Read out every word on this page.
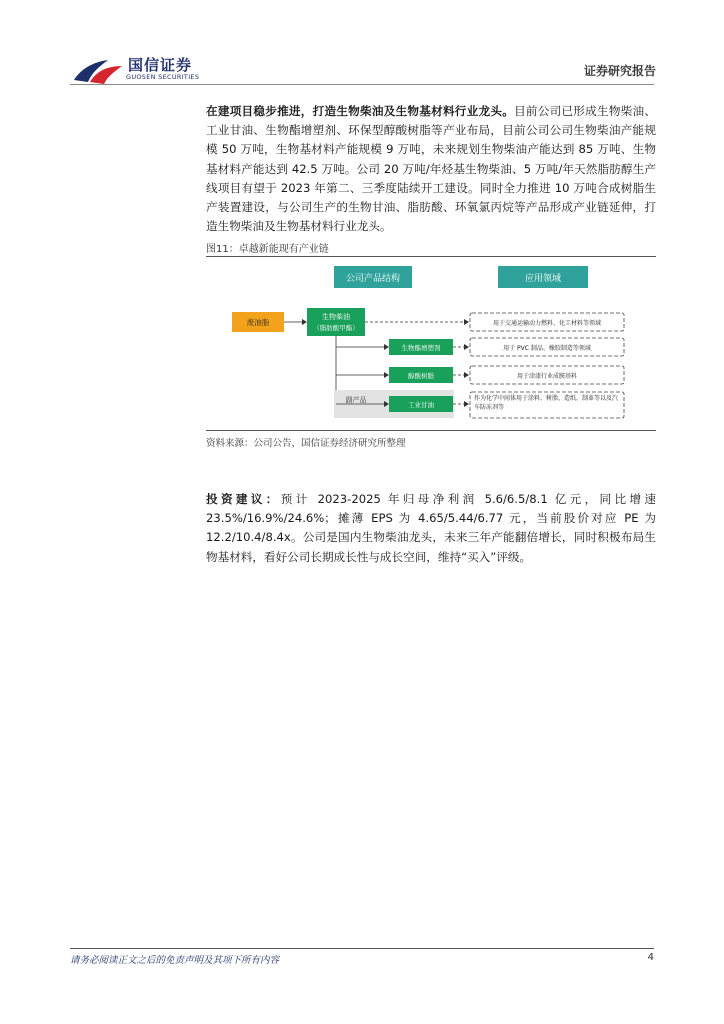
国信证券
GUOSEN SECURITIES	证券研究报告
在建项目稳步推进，打造生物柴油及生物基材料行业龙头。目前公司已形成生物柴油、工业甘油、生物酯增塑剂、环保型醇酸树脂等产业布局，目前公司公司生物柴油产能规模 50 万吨，生物基材料产能规模 9 万吨，未来规划生物柴油产能达到 85 万吨、生物基材料产能达到 42.5 万吨。公司 20 万吨/年烃基生物柴油、5 万吨/年天然脂肪醇生产线项目有望于 2023 年第二、三季度陆续开工建设。同时全力推进 10 万吨合成树脂生产装置建设，与公司生产的生物甘油、脂肪酸、环氧氯丙烷等产品形成产业链延伸，打造生物柴油及生物基材料行业龙头。
图11：卓越新能现有产业链
公司产品结构	应用领域
废油脂
生物柴油
（脂肪酸甲酯）
副产品
生物酯增塑剂
醇酸树脂
工业甘油
用于交通运输动力燃料、化工材料等领域
用于 PVC 制品、橡胶制造等领域
用于涂漆行业成膜基料
作为化学中间体用于涂料、树脂、造纸、制革等以及汽车防冻剂等
资料来源：公司公告，国信证券经济研究所整理
投资建议：预计 2023-2025 年归母净利润 5.6/6.5/8.1 亿元，同比增速 23.5%/16.9%/24.6%；摊薄 EPS 为 4.65/5.44/6.77 元，当前股价对应 PE 为 12.2/10.4/8.4x。公司是国内生物柴油龙头，未来三年产能翻倍增长，同时积极布局生物基材料，看好公司长期成长性与成长空间，维持“买入”评级。
请务必阅读正文之后的免责声明及其项下所有内容	4
